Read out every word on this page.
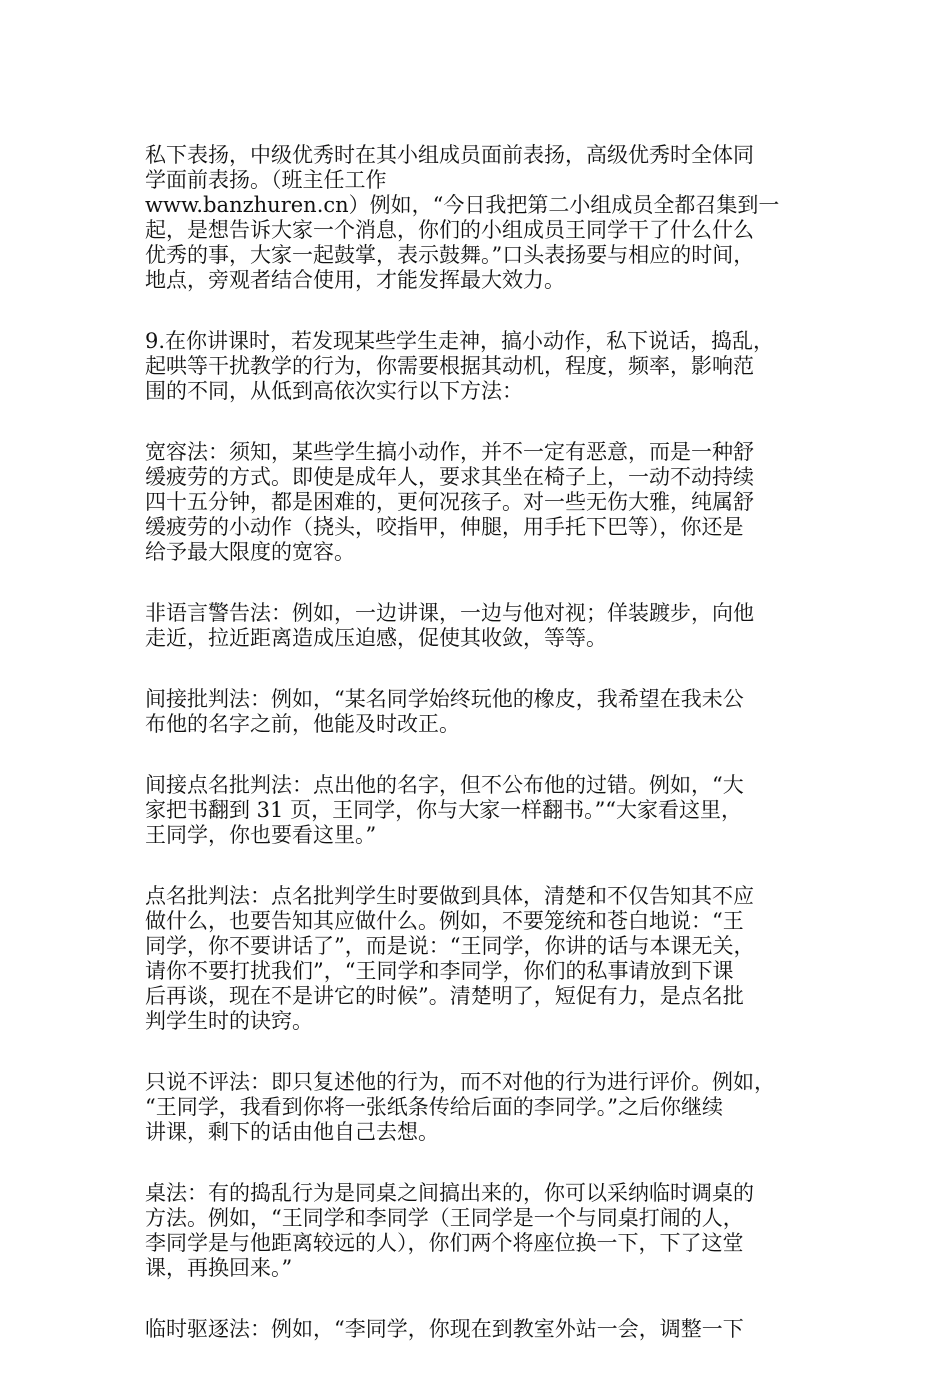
私下表扬，中级优秀时在其小组成员面前表扬，高级优秀时全体同
学面前表扬。（班主任工作
www.banzhuren.cn）例如，“今日我把第二小组成员全都召集到一
起，是想告诉大家一个消息，你们的小组成员王同学干了什么什么
优秀的事，大家一起鼓掌，表示鼓舞。”口头表扬要与相应的时间，
地点，旁观者结合使用，才能发挥最大效力。

9.在你讲课时，若发现某些学生走神，搞小动作，私下说话，捣乱，
起哄等干扰教学的行为，你需要根据其动机，程度，频率，影响范
围的不同，从低到高依次实行以下方法：

宽容法：须知，某些学生搞小动作，并不一定有恶意，而是一种舒
缓疲劳的方式。即使是成年人，要求其坐在椅子上，一动不动持续
四十五分钟，都是困难的，更何况孩子。对一些无伤大雅，纯属舒
缓疲劳的小动作（挠头，咬指甲，伸腿，用手托下巴等），你还是
给予最大限度的宽容。

非语言警告法：例如，一边讲课，一边与他对视；佯装踱步，向他
走近，拉近距离造成压迫感，促使其收敛，等等。

间接批判法：例如，“某名同学始终玩他的橡皮，我希望在我未公
布他的名字之前，他能及时改正。

间接点名批判法：点出他的名字，但不公布他的过错。例如，“大
家把书翻到 31 页，王同学，你与大家一样翻书。”“大家看这里，
王同学，你也要看这里。”

点名批判法：点名批判学生时要做到具体，清楚和不仅告知其不应
做什么，也要告知其应做什么。例如，不要笼统和苍白地说：“王
同学，你不要讲话了”，而是说：“王同学，你讲的话与本课无关，
请你不要打扰我们”，“王同学和李同学，你们的私事请放到下课
后再谈，现在不是讲它的时候”。清楚明了，短促有力，是点名批
判学生时的诀窍。

只说不评法：即只复述他的行为，而不对他的行为进行评价。例如，
“王同学，我看到你将一张纸条传给后面的李同学。”之后你继续
讲课，剩下的话由他自己去想。

桌法：有的捣乱行为是同桌之间搞出来的，你可以采纳临时调桌的
方法。例如，“王同学和李同学（王同学是一个与同桌打闹的人，
李同学是与他距离较远的人），你们两个将座位换一下，下了这堂
课，再换回来。”

临时驱逐法：例如，“李同学，你现在到教室外站一会，调整一下
